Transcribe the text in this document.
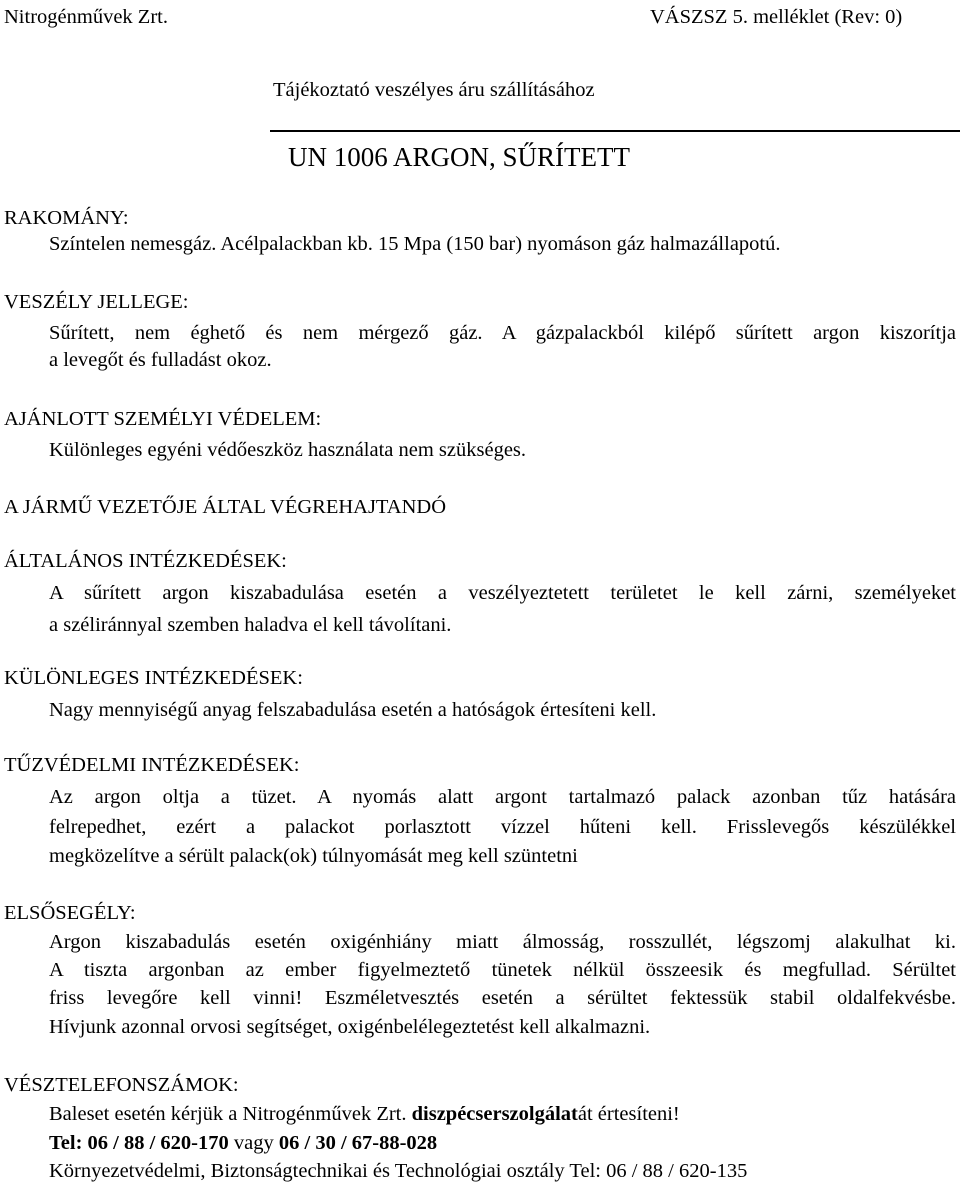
Nitrogénművek Zrt.	VÁSZSZ 5. melléklet (Rev: 0)
Tájékoztató veszélyes áru szállításához
UN 1006 ARGON, SŰRÍTETT
RAKOMÁNY:
Színtelen nemesgáz. Acélpalackban kb. 15 Mpa (150 bar) nyomáson gáz halmazállapotú.
VESZÉLY JELLEGE:
Sűrített, nem éghető és nem mérgező gáz. A gázpalackból kilépő sűrített argon kiszorítja
a levegőt és fulladást okoz.
AJÁNLOTT SZEMÉLYI VÉDELEM:
Különleges egyéni védőeszköz használata nem szükséges.
A JÁRMŰ VEZETŐJE ÁLTAL VÉGREHAJTANDÓ
ÁLTALÁNOS INTÉZKEDÉSEK:
A sűrített argon kiszabadulása esetén a veszélyeztetett területet le kell zárni, személyeket
a széliránnyal szemben haladva el kell távolítani.
KÜLÖNLEGES INTÉZKEDÉSEK:
Nagy mennyiségű anyag felszabadulása esetén a hatóságok értesíteni kell.
TŰZVÉDELMI INTÉZKEDÉSEK:
Az argon oltja a tüzet. A nyomás alatt argont tartalmazó palack azonban tűz hatására
felrepedhet, ezért a palackot porlasztott vízzel hűteni kell. Frisslevegős készülékkel
megközelítve a sérült palack(ok) túlnyomását meg kell szüntetni
ELSŐSEGÉLY:
Argon kiszabadulás esetén oxigénhiány miatt álmosság, rosszullét, légszomj alakulhat ki.
A tiszta argonban az ember figyelmeztető tünetek nélkül összeesik és megfullad. Sérültet
friss levegőre kell vinni! Eszméletvesztés esetén a sérültet fektessük stabil oldalfekvésbe.
Hívjunk azonnal orvosi segítséget, oxigénbelélegeztetést kell alkalmazni.
VÉSZTELEFONSZÁMOK:
Baleset esetén kérjük a Nitrogénművek Zrt. diszpécserszolgálatát értesíteni!
Tel: 06 / 88 / 620-170 vagy 06 / 30 / 67-88-028
Környezetvédelmi, Biztonságtechnikai és Technológiai osztály Tel: 06 / 88 / 620-135
